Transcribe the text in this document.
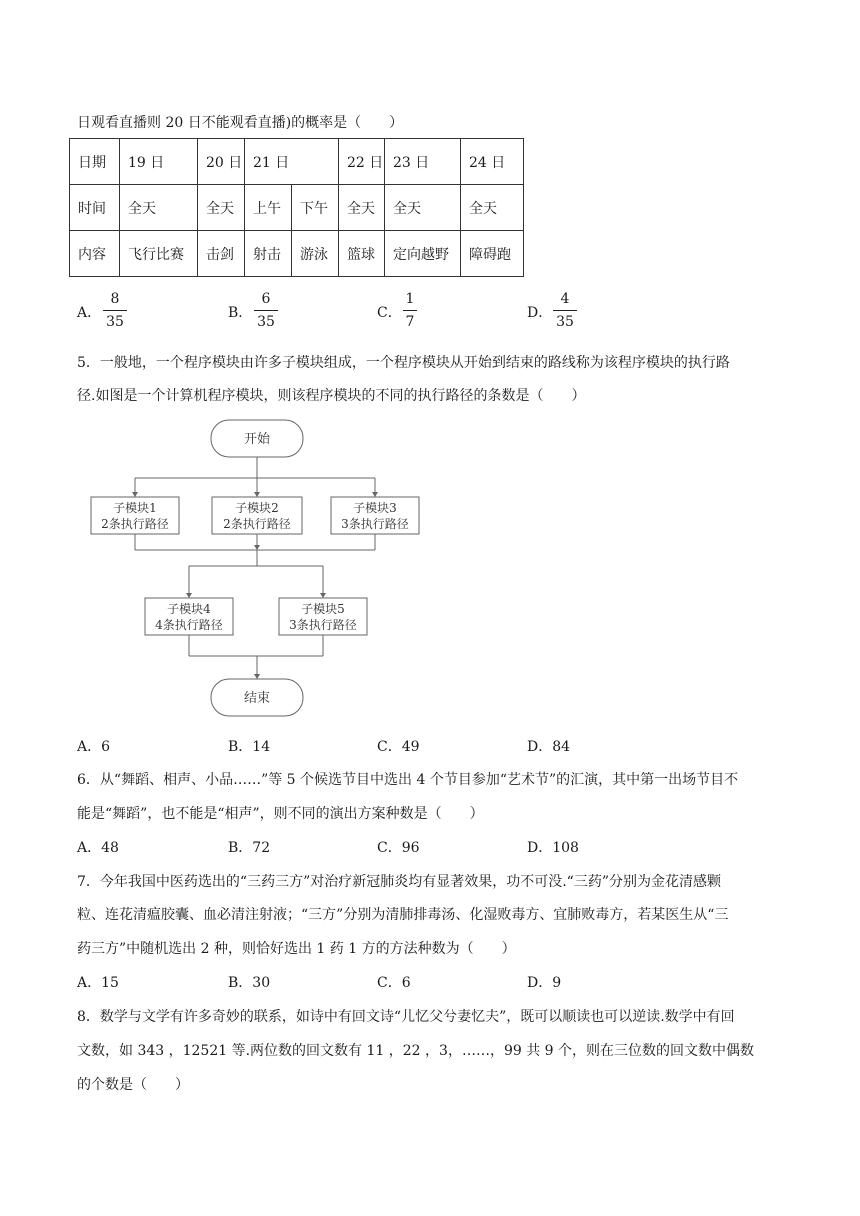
日观看直播则 20 日不能观看直播)的概率是（　　）
日期	19 日	20 日	21 日		22 日	23 日	24 日
时间	全天	全天	上午	下午	全天	全天	全天
内容	飞行比赛	击剑	射击	游泳	篮球	定向越野	障碍跑
A．
8
35
B．
6
35
C．
1
7
D．
4
35
5．一般地，一个程序模块由许多子模块组成，一个程序模块从开始到结束的路线称为该程序模块的执行路
径.如图是一个计算机程序模块，则该程序模块的不同的执行路径的条数是（　　）
开始
子模块1
2条执行路径
子模块2
2条执行路径
子模块3
3条执行路径
子模块4
4条执行路径
子模块5
3条执行路径
结束
A．6	B．14	C．49	D．84
6．从“舞蹈、相声、小品……”等 5 个候选节目中选出 4 个节目参加“艺术节”的汇演，其中第一出场节目不
能是“舞蹈”，也不能是“相声”，则不同的演出方案种数是（　　）
A．48	B．72	C．96	D．108
7．今年我国中医药选出的“三药三方”对治疗新冠肺炎均有显著效果，功不可没.“三药”分别为金花清感颗
粒、连花清瘟胶囊、血必清注射液；“三方”分别为清肺排毒汤、化湿败毒方、宜肺败毒方，若某医生从“三
药三方”中随机选出 2 种，则恰好选出 1 药 1 方的方法种数为（　　）
A．15	B．30	C．6	D．9
8．数学与文学有许多奇妙的联系，如诗中有回文诗“儿忆父兮妻忆夫”，既可以顺读也可以逆读.数学中有回
文数，如 343 ，12521 等.两位数的回文数有 11 ，22 ，3，……，99 共 9 个，则在三位数的回文数中偶数
的个数是（　　）
